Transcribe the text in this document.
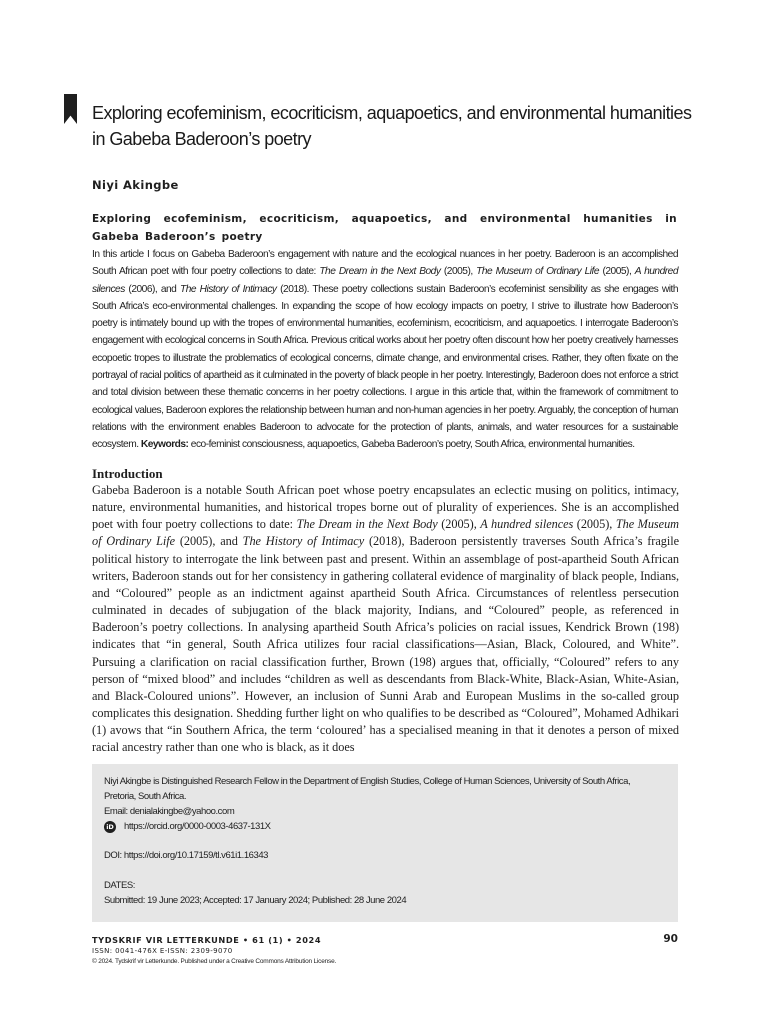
Exploring ecofeminism, ecocriticism, aquapoetics, and environmental humanities in Gabeba Baderoon’s poetry
Niyi Akingbe
Exploring ecofeminism, ecocriticism, aquapoetics, and environmental humanities in Gabeba Baderoon’s poetry

In this article I focus on Gabeba Baderoon’s engagement with nature and the ecological nuances in her poetry. Baderoon is an accomplished South African poet with four poetry collections to date: The Dream in the Next Body (2005), The Museum of Ordinary Life (2005), A hundred silences (2006), and The History of Intimacy (2018). These poetry collections sustain Baderoon’s ecofeminist sensibility as she engages with South Africa’s eco-environmental challenges. In expanding the scope of how ecology impacts on poetry, I strive to illustrate how Baderoon’s poetry is intimately bound up with the tropes of environmental humanities, ecofeminism, ecocriticism, and aquapoetics. I interrogate Baderoon’s engagement with ecological concerns in South Africa. Previous critical works about her poetry often discount how her poetry creatively harnesses ecopoetic tropes to illustrate the problematics of ecological concerns, climate change, and environmental crises. Rather, they often fixate on the portrayal of racial politics of apartheid as it culminated in the poverty of black people in her poetry. Interestingly, Baderoon does not enforce a strict and total division between these thematic concerns in her poetry collections. I argue in this article that, within the framework of commitment to ecological values, Baderoon explores the relationship between human and non-human agencies in her poetry. Arguably, the conception of human relations with the environment enables Baderoon to advocate for the protection of plants, animals, and water resources for a sustainable ecosystem. Keywords: eco-feminist consciousness, aquapoetics, Gabeba Baderoon’s poetry, South Africa, environmental humanities.

Introduction

Gabeba Baderoon is a notable South African poet whose poetry encapsulates an eclectic musing on politics, intimacy, nature, environmental humanities, and historical tropes borne out of plurality of experiences. She is an accomplished poet with four poetry collections to date: The Dream in the Next Body (2005), A hundred silences (2005), The Museum of Ordinary Life (2005), and The History of Intimacy (2018), Baderoon persistently traverses South Africa’s fragile political history to interrogate the link between past and present. Within an assemblage of post-apartheid South African writers, Baderoon stands out for her consistency in gathering collateral evidence of marginality of black people, Indians, and “Coloured” people as an indictment against apartheid South Africa. Circumstances of relentless persecution culminated in decades of subjugation of the black majority, Indians, and “Coloured” people, as referenced in Baderoon’s poetry collections. In analysing apartheid South Africa’s policies on racial issues, Kendrick Brown (198) indicates that “in general, South Africa utilizes four racial classifications—Asian, Black, Coloured, and White”. Pursuing a clarification on racial classification further, Brown (198) argues that, officially, “Coloured” refers to any person of “mixed blood” and includes “children as well as descendants from Black-White, Black-Asian, White-Asian, and Black-Coloured unions”. However, an inclusion of Sunni Arab and European Muslims in the so-called group complicates this designation. Shedding further light on who qualifies to be described as “Coloured”, Mohamed Adhikari (1) avows that “in Southern Africa, the term ‘coloured’ has a specialised meaning in that it denotes a person of mixed racial ancestry rather than one who is black, as it does

Niyi Akingbe is Distinguished Research Fellow in the Department of English Studies, College of Human Sciences, University of South Africa, Pretoria, South Africa.
Email: denialakingbe@yahoo.com
iD https://orcid.org/0000-0003-4637-131X
DOI: https://doi.org/10.17159/tl.v61i1.16343
DATES:
Submitted: 19 June 2023; Accepted: 17 January 2024; Published: 28 June 2024
TYDSKRIF VIR LETTERKUNDE • 61 (1) • 2024	90
ISSN: 0041-476X E-ISSN: 2309-9070
© 2024. Tydskrif vir Letterkunde. Published under a Creative Commons Attribution License.
